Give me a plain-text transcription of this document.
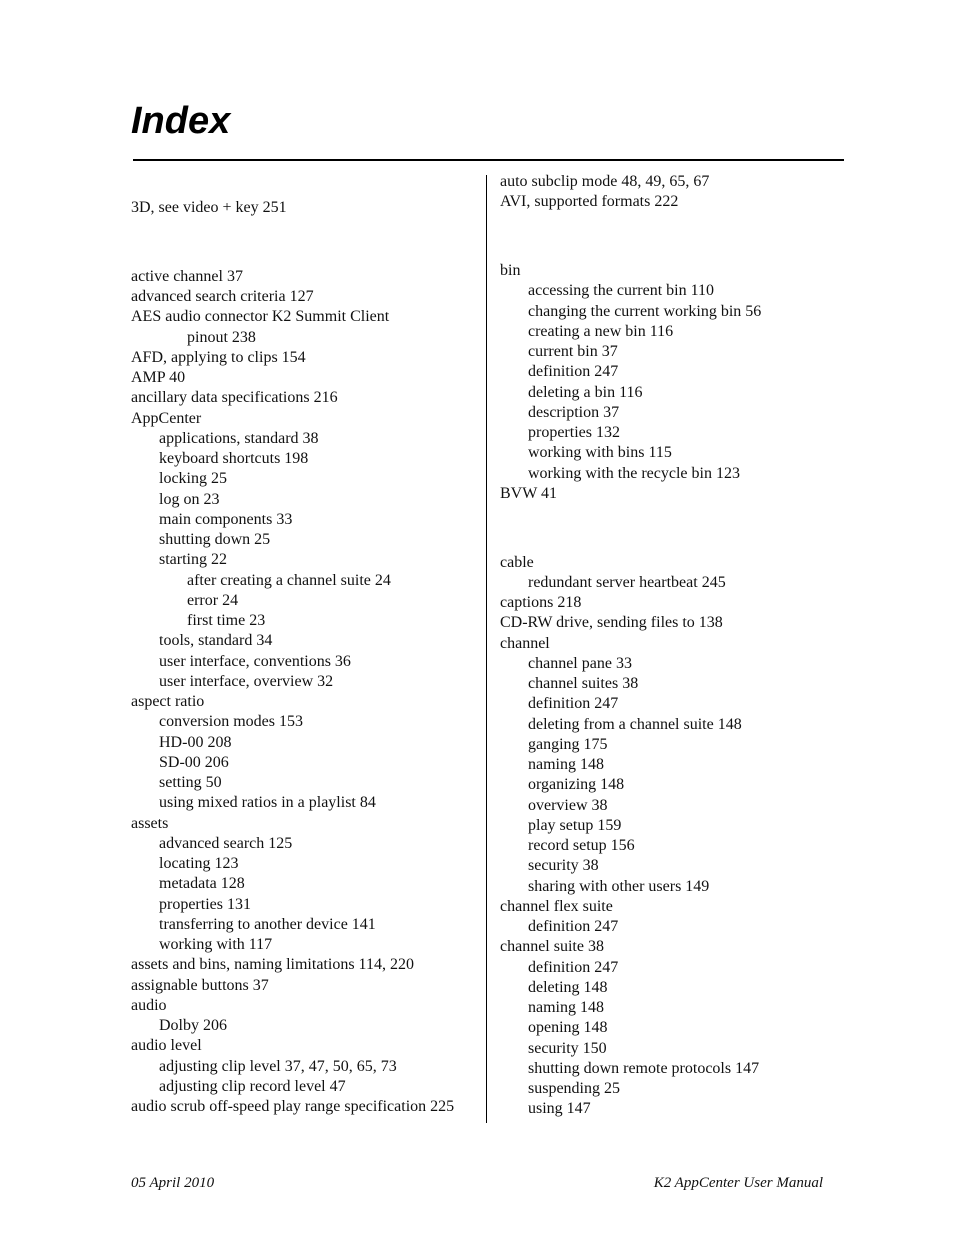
Index
3D, see video + key 251
active channel 37
advanced search criteria 127
AES audio connector K2 Summit Client
pinout 238
AFD, applying to clips 154
AMP 40
ancillary data specifications 216
AppCenter
applications, standard 38
keyboard shortcuts 198
locking 25
log on 23
main components 33
shutting down 25
starting 22
after creating a channel suite 24
error 24
first time 23
tools, standard 34
user interface, conventions 36
user interface, overview 32
aspect ratio
conversion modes 153
HD-00 208
SD-00 206
setting 50
using mixed ratios in a playlist 84
assets
advanced search 125
locating 123
metadata 128
properties 131
transferring to another device 141
working with 117
assets and bins, naming limitations 114, 220
assignable buttons 37
audio
Dolby 206
audio level
adjusting clip level 37, 47, 50, 65, 73
adjusting clip record level 47
audio scrub off-speed play range specification 225
auto subclip mode 48, 49, 65, 67
AVI, supported formats 222
bin
accessing the current bin 110
changing the current working bin 56
creating a new bin 116
current bin 37
definition 247
deleting a bin 116
description 37
properties 132
working with bins 115
working with the recycle bin 123
BVW 41
cable
redundant server heartbeat 245
captions 218
CD-RW drive, sending files to 138
channel
channel pane 33
channel suites 38
definition 247
deleting from a channel suite 148
ganging 175
naming 148
organizing 148
overview 38
play setup 159
record setup 156
security 38
sharing with other users 149
channel flex suite
definition 247
channel suite 38
definition 247
deleting 148
naming 148
opening 148
security 150
shutting down remote protocols 147
suspending 25
using 147
05 April 2010	K2 AppCenter User Manual
